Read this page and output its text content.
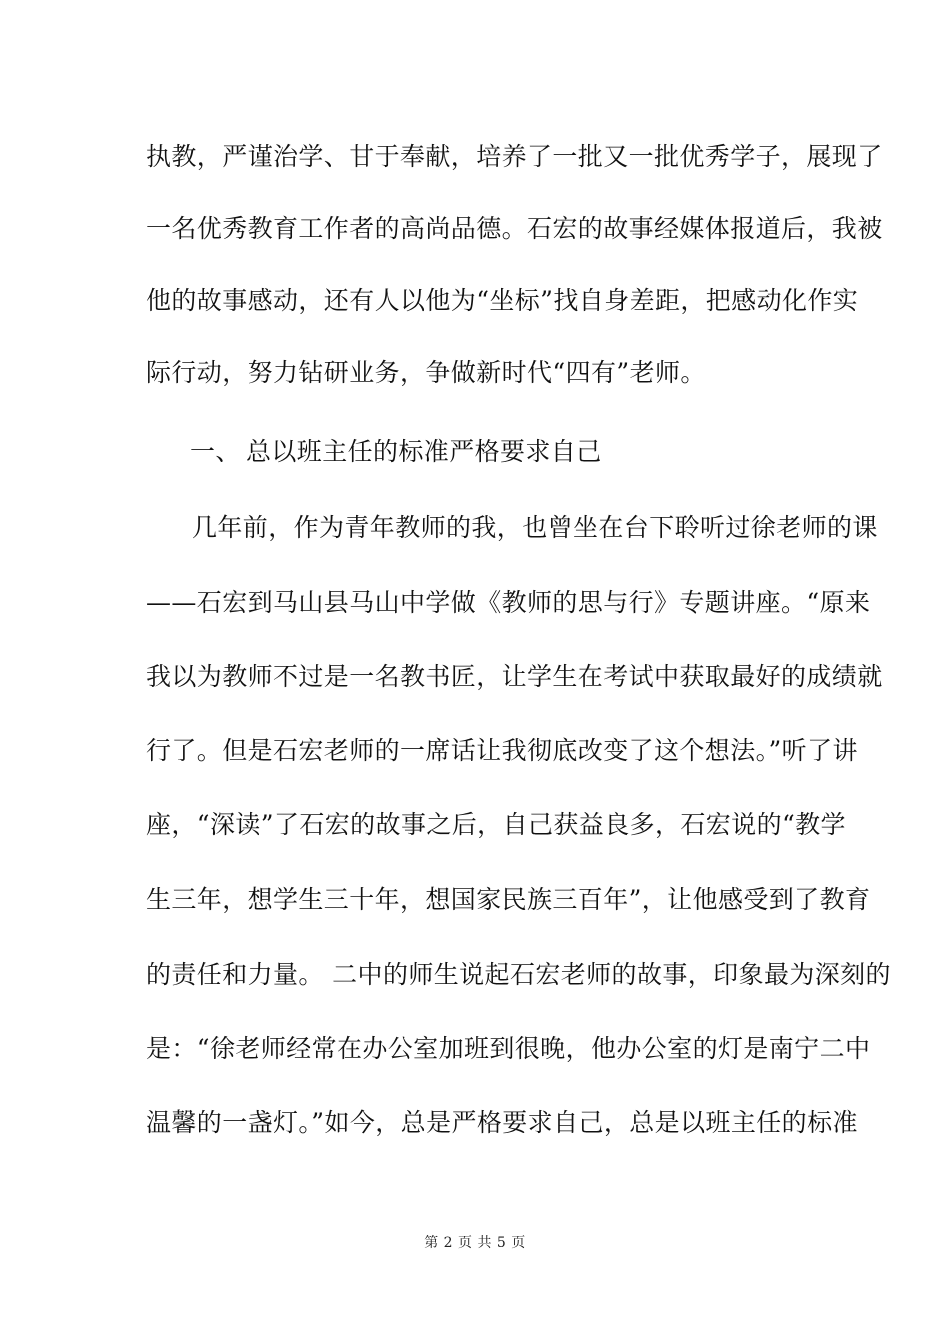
执教，严谨治学、甘于奉献，培养了一批又一批优秀学子，展现了
一名优秀教育工作者的高尚品德。石宏的故事经媒体报道后，我被
他的故事感动，还有人以他为“坐标”找自身差距，把感动化作实
际行动，努力钻研业务，争做新时代“四有”老师。
一、 总以班主任的标准严格要求自己
几年前，作为青年教师的我，也曾坐在台下聆听过徐老师的课
——石宏到马山县马山中学做《教师的思与行》专题讲座。“原来
我以为教师不过是一名教书匠，让学生在考试中获取最好的成绩就
行了。但是石宏老师的一席话让我彻底改变了这个想法。”听了讲
座，“深读”了石宏的故事之后，自己获益良多，石宏说的“教学
生三年，想学生三十年，想国家民族三百年”，让他感受到了教育
的责任和力量。 二中的师生说起石宏老师的故事，印象最为深刻的
是：“徐老师经常在办公室加班到很晚，他办公室的灯是南宁二中
温馨的一盏灯。”如今，总是严格要求自己，总是以班主任的标准
第 2 页 共 5 页
